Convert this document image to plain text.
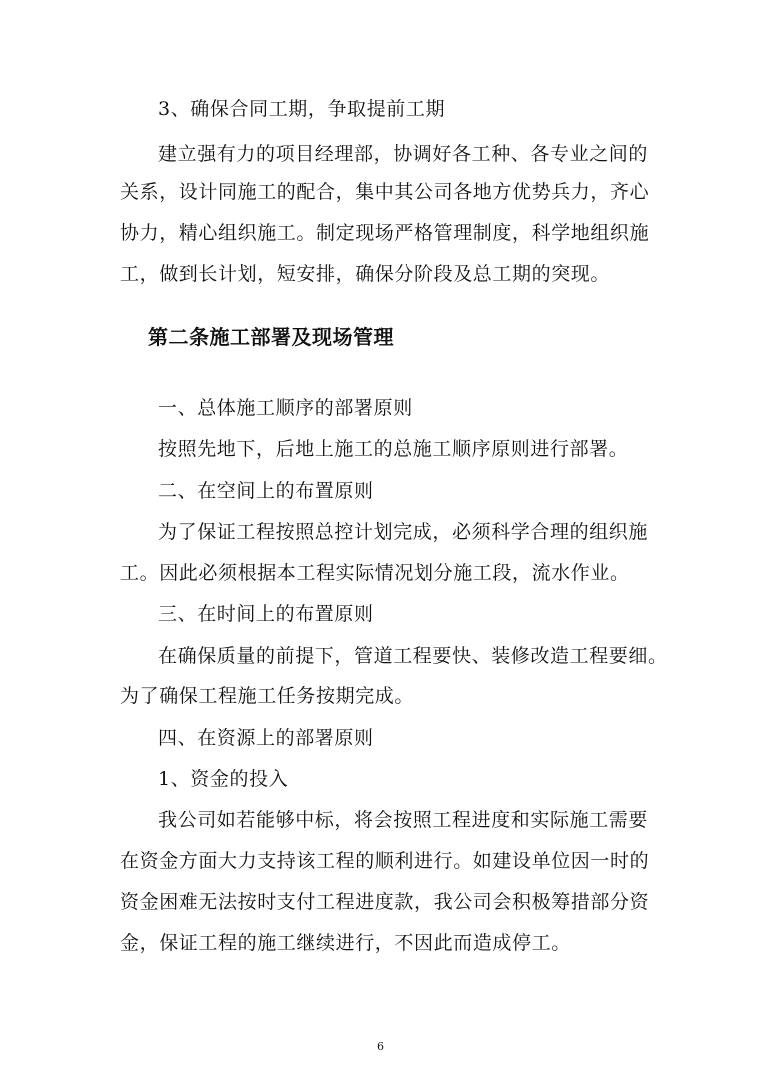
3、确保合同工期，争取提前工期
建立强有力的项目经理部，协调好各工种、各专业之间的
关系，设计同施工的配合，集中其公司各地方优势兵力，齐心
协力，精心组织施工。制定现场严格管理制度，科学地组织施
工，做到长计划，短安排，确保分阶段及总工期的突现。
第二条施工部署及现场管理
一、总体施工顺序的部署原则
按照先地下，后地上施工的总施工顺序原则进行部署。
二、在空间上的布置原则
为了保证工程按照总控计划完成，必须科学合理的组织施
工。因此必须根据本工程实际情况划分施工段，流水作业。
三、在时间上的布置原则
在确保质量的前提下，管道工程要快、装修改造工程要细。
为了确保工程施工任务按期完成。
四、在资源上的部署原则
1、资金的投入
我公司如若能够中标，将会按照工程进度和实际施工需要
在资金方面大力支持该工程的顺利进行。如建设单位因一时的
资金困难无法按时支付工程进度款，我公司会积极筹措部分资
金，保证工程的施工继续进行，不因此而造成停工。
6
